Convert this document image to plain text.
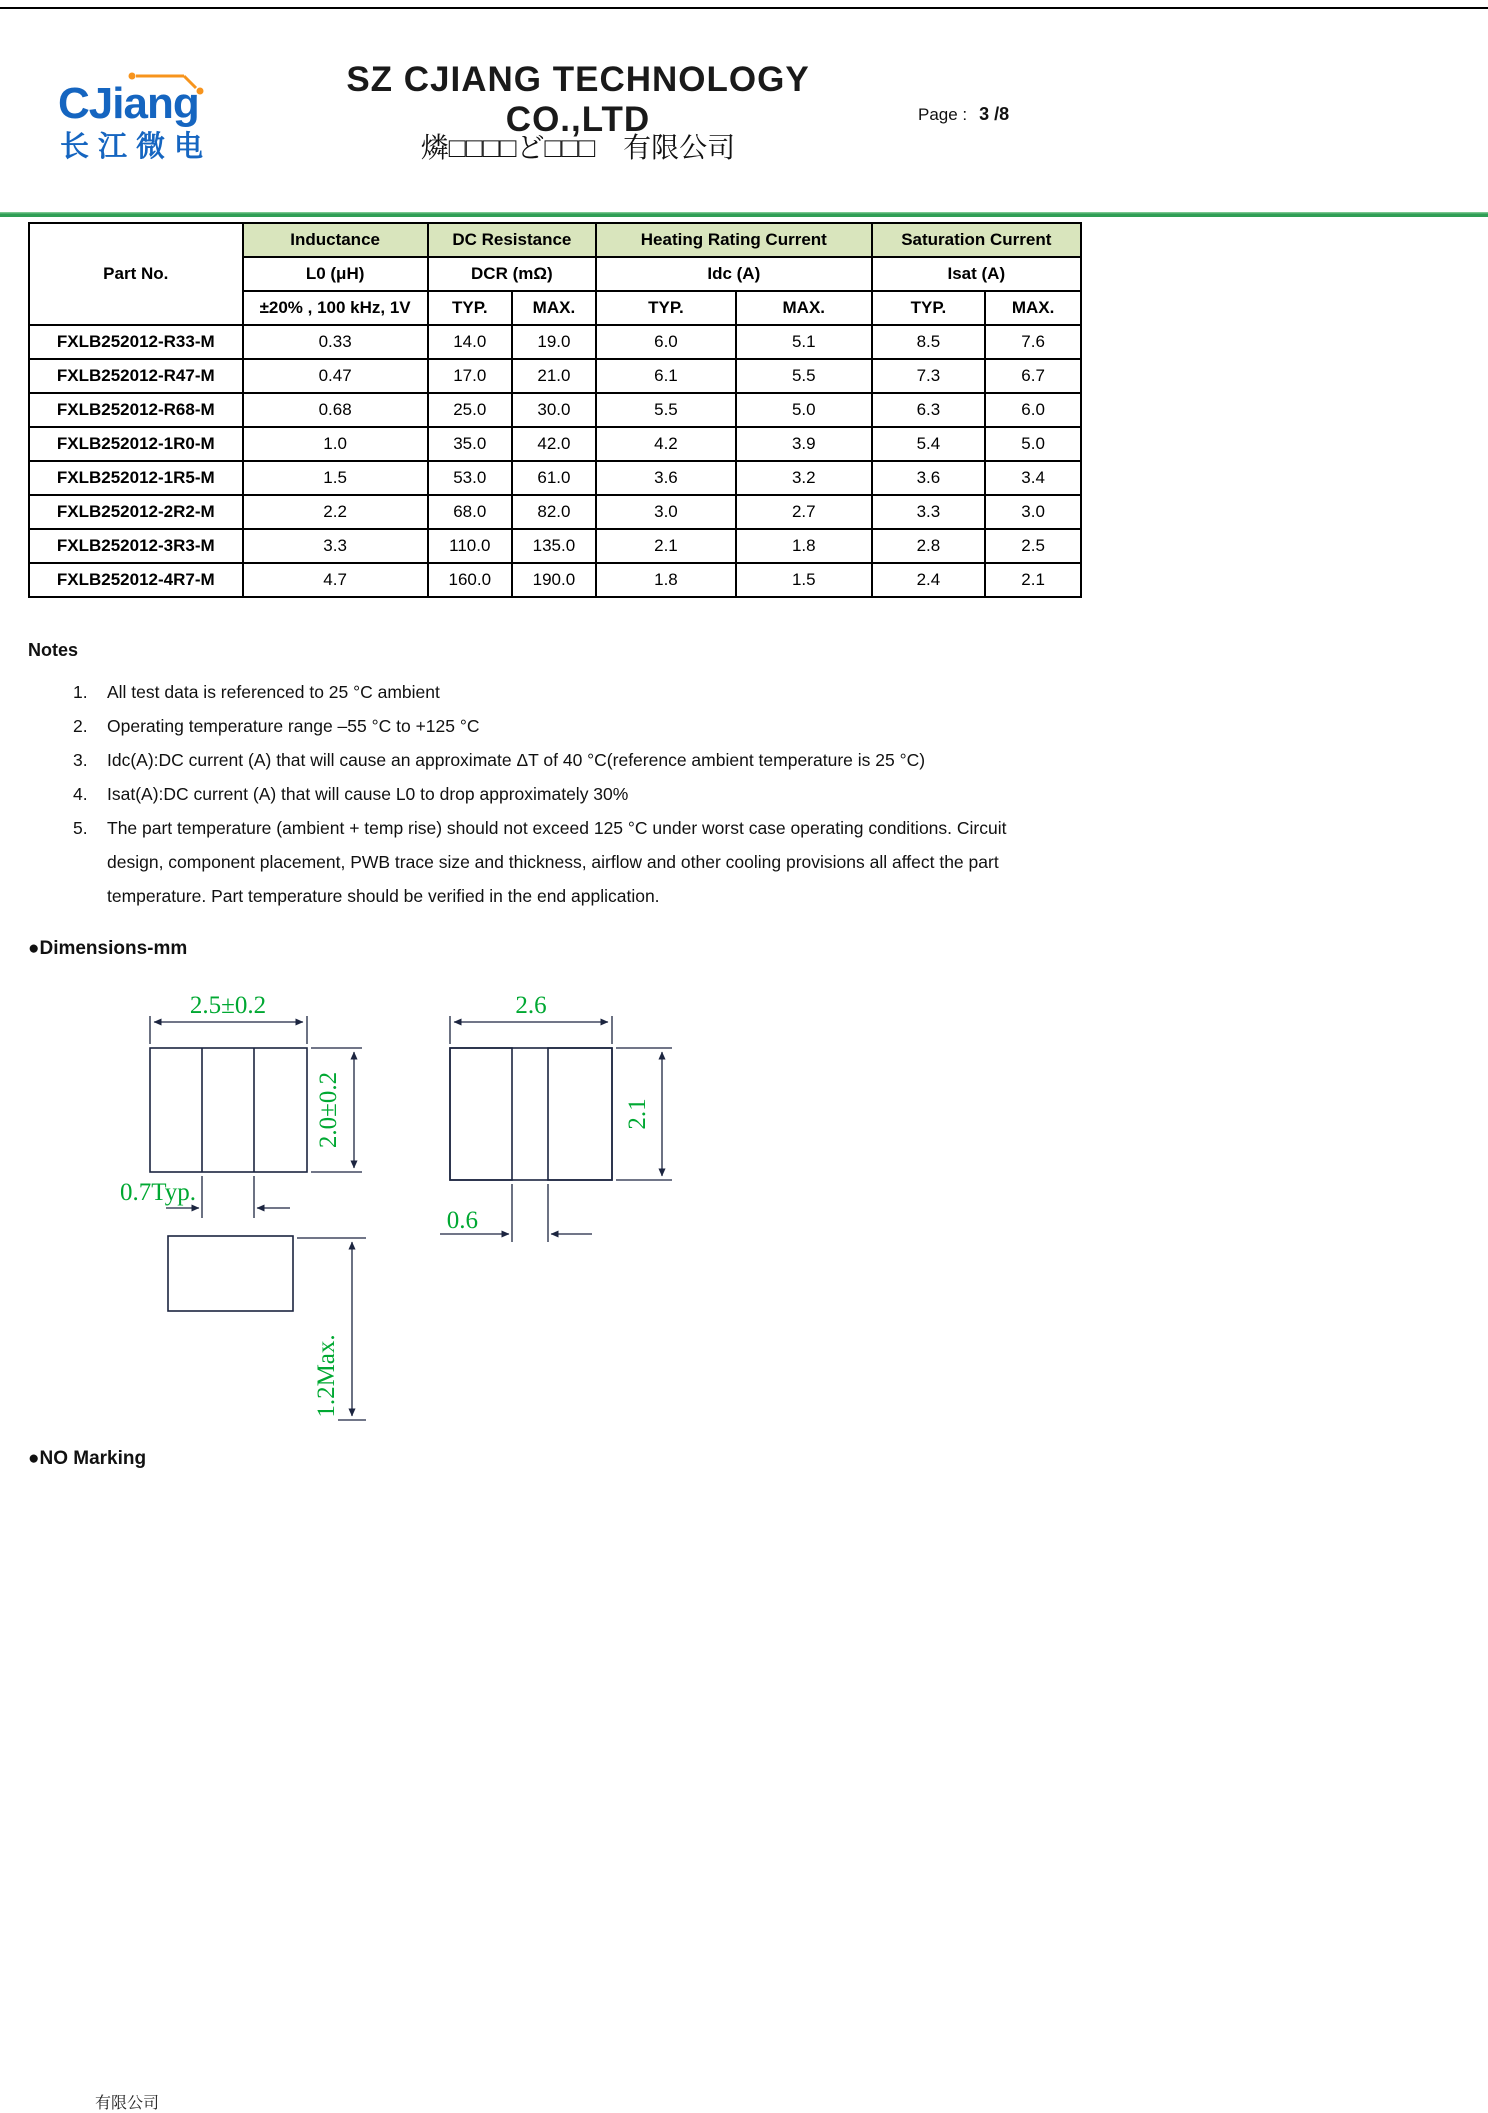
CJiang
长江微电
SZ CJIANG TECHNOLOGY CO.,LTD
燐□□□□ど□□□　有限公司
Page : 3 /8
Part No.	Inductance	DC Resistance		Heating Rating Current		Saturation Current	
	L0 (μH)	DCR (mΩ)		Idc (A)		Isat (A)	
	±20% , 100 kHz, 1V	TYP.	MAX.	TYP.	MAX.	TYP.	MAX.
FXLB252012-R33-M	0.33	14.0	19.0	6.0	5.1	8.5	7.6
FXLB252012-R47-M	0.47	17.0	21.0	6.1	5.5	7.3	6.7
FXLB252012-R68-M	0.68	25.0	30.0	5.5	5.0	6.3	6.0
FXLB252012-1R0-M	1.0	35.0	42.0	4.2	3.9	5.4	5.0
FXLB252012-1R5-M	1.5	53.0	61.0	3.6	3.2	3.6	3.4
FXLB252012-2R2-M	2.2	68.0	82.0	3.0	2.7	3.3	3.0
FXLB252012-3R3-M	3.3	110.0	135.0	2.1	1.8	2.8	2.5
FXLB252012-4R7-M	4.7	160.0	190.0	1.8	1.5	2.4	2.1
Notes
1.	All test data is referenced to 25 °C ambient
2.	Operating temperature range –55 °C to +125 °C
3.	Idc(A):DC current (A) that will cause an approximate ΔT of 40 °C(reference ambient temperature is 25 °C)
4.	Isat(A):DC current (A) that will cause L0 to drop approximately 30%
5.	The part temperature (ambient + temp rise) should not exceed 125 °C under worst case operating conditions. Circuit design, component placement, PWB trace size and thickness, airflow and other cooling provisions all affect the part temperature. Part temperature should be verified in the end application.
●Dimensions-mm
2.5±0.2
2.0±0.2
0.7Typ.
2.6
2.1
0.6
1.2Max.
●NO Marking
有限公司
